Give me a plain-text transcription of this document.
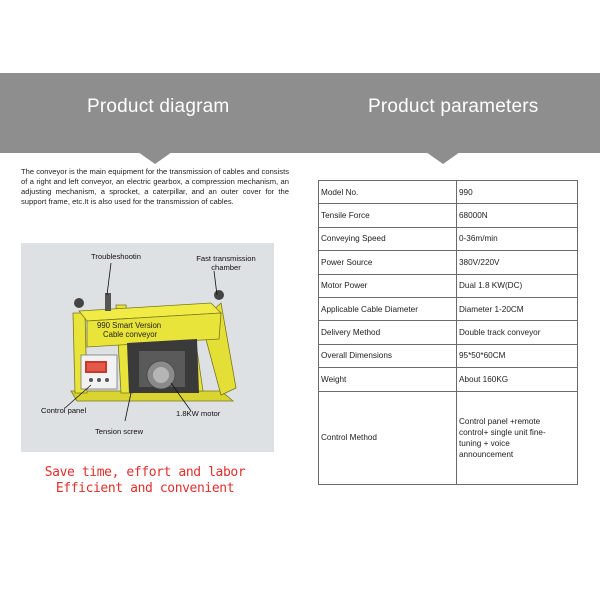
Product diagram	Product parameters
The conveyor is the main equipment for the transmission of cables and consists of a right and left conveyor, an electric gearbox, a compression mechanism, an adjusting mechanism, a sprocket, a caterpillar, and an outer cover for the support frame, etc.It is also used for the transmission of cables.
Troubleshootin	Fast transmission
chamber
990 Smart Version
Cable conveyor
Control panel	1.8KW motor
Tension screw
Save time, effort and labor
Efficient and convenient
Model No.	990
Tensile Force	68000N
Conveying Speed	0-36m/min
Power Source	380V/220V
Motor Power	Dual 1.8 KW(DC)
Applicable Cable Diameter	Diameter 1-20CM
Delivery Method	Double track conveyor
Overall Dimensions	95*50*60CM
Weight	About 160KG
Control Method	Control panel +remote
control+ single unit fine-
tuning + voice
announcement
